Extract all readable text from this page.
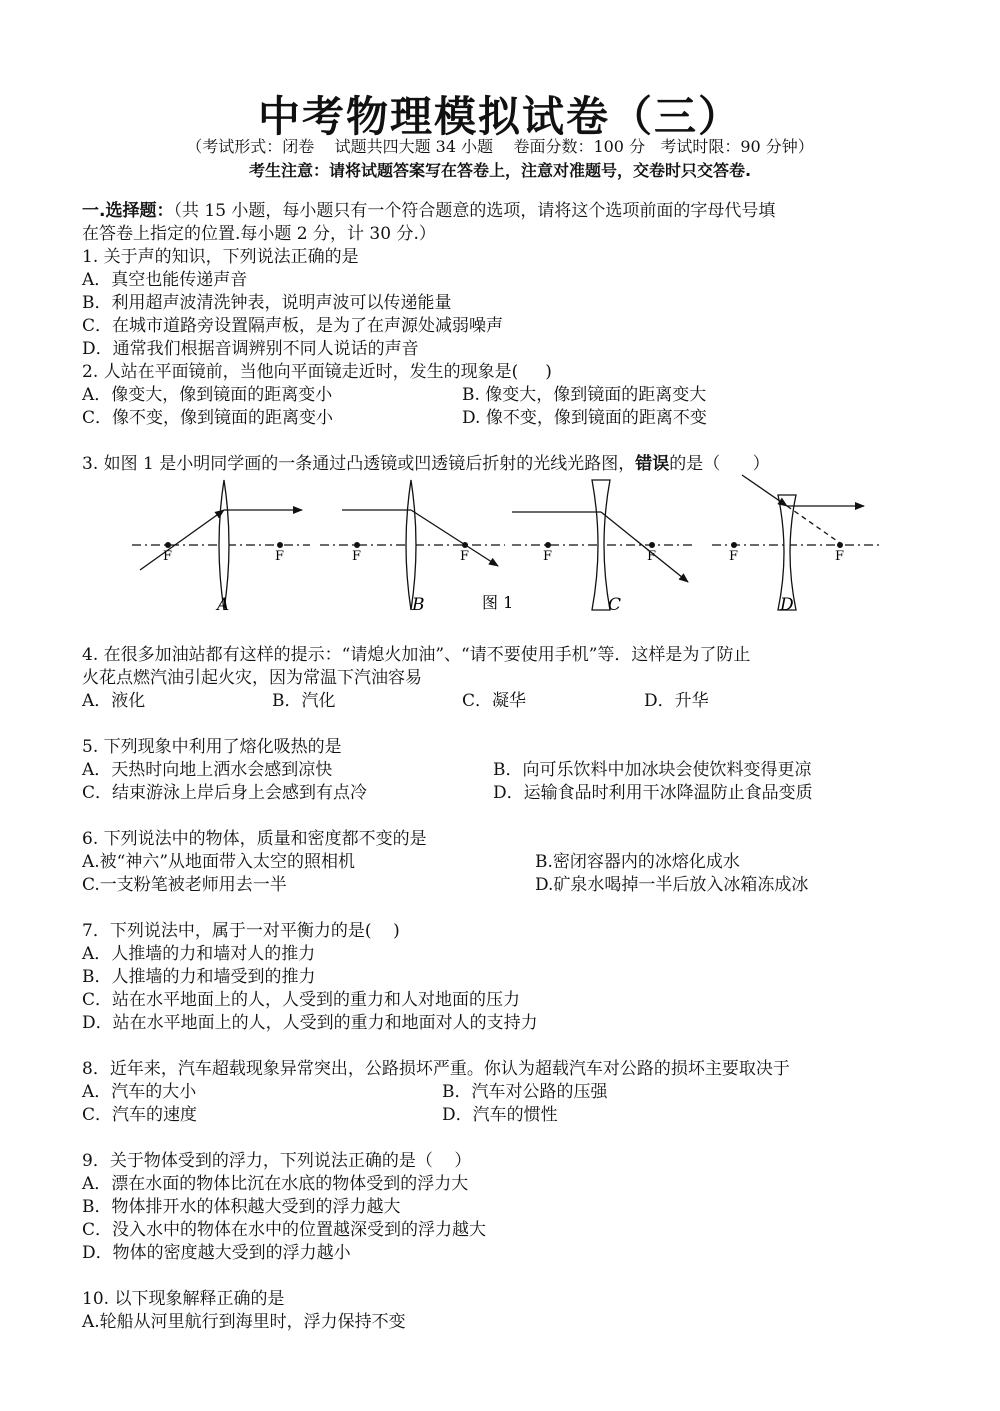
中考物理模拟试卷（三）
（考试形式：闭卷    试题共四大题 34 小题    卷面分数：100 分   考试时限：90 分钟）
考生注意：请将试题答案写在答卷上，注意对准题号，交卷时只交答卷.
一.选择题：（共 15 小题，每小题只有一个符合题意的选项，请将这个选项前面的字母代号填
在答卷上指定的位置.每小题 2 分，计 30 分.）
1. 关于声的知识，下列说法正确的是
A．真空也能传递声音
B．利用超声波清洗钟表，说明声波可以传递能量
C．在城市道路旁设置隔声板，是为了在声源处减弱噪声
D．通常我们根据音调辨别不同人说话的声音
2. 人站在平面镜前，当他向平面镜走近时，发生的现象是(     )
A．像变大，像到镜面的距离变小	B. 像变大，像到镜面的距离变大
C．像不变，像到镜面的距离变小	D. 像不变，像到镜面的距离不变
3. 如图 1 是小明同学画的一条通过凸透镜或凹透镜后折射的光线光路图，错误的是（      ）
F	F
A
F	F
B	图 1
F	F
C
F	F
D
4. 在很多加油站都有这样的提示：“请熄火加油”、“请不要使用手机”等．这样是为了防止
火花点燃汽油引起火灾，因为常温下汽油容易
A．液化	B．汽化	C．凝华	D．升华
5. 下列现象中利用了熔化吸热的是
A．天热时向地上洒水会感到凉快	B．向可乐饮料中加冰块会使饮料变得更凉
C．结束游泳上岸后身上会感到有点冷	D．运输食品时利用干冰降温防止食品变质
6. 下列说法中的物体，质量和密度都不变的是
A.被“神六”从地面带入太空的照相机	B.密闭容器内的冰熔化成水
C.一支粉笔被老师用去一半	D.矿泉水喝掉一半后放入冰箱冻成冰
7．下列说法中，属于一对平衡力的是(    )
A．人推墙的力和墙对人的推力
B．人推墙的力和墙受到的推力
C．站在水平地面上的人，人受到的重力和人对地面的压力
D．站在水平地面上的人，人受到的重力和地面对人的支持力
8．近年来，汽车超载现象异常突出，公路损坏严重。你认为超载汽车对公路的损坏主要取决于
A．汽车的大小	B．汽车对公路的压强
C．汽车的速度	D．汽车的惯性
9．关于物体受到的浮力，下列说法正确的是（    ）
A．漂在水面的物体比沉在水底的物体受到的浮力大
B．物体排开水的体积越大受到的浮力越大
C．没入水中的物体在水中的位置越深受到的浮力越大
D．物体的密度越大受到的浮力越小
10. 以下现象解释正确的是
A.轮船从河里航行到海里时，浮力保持不变
